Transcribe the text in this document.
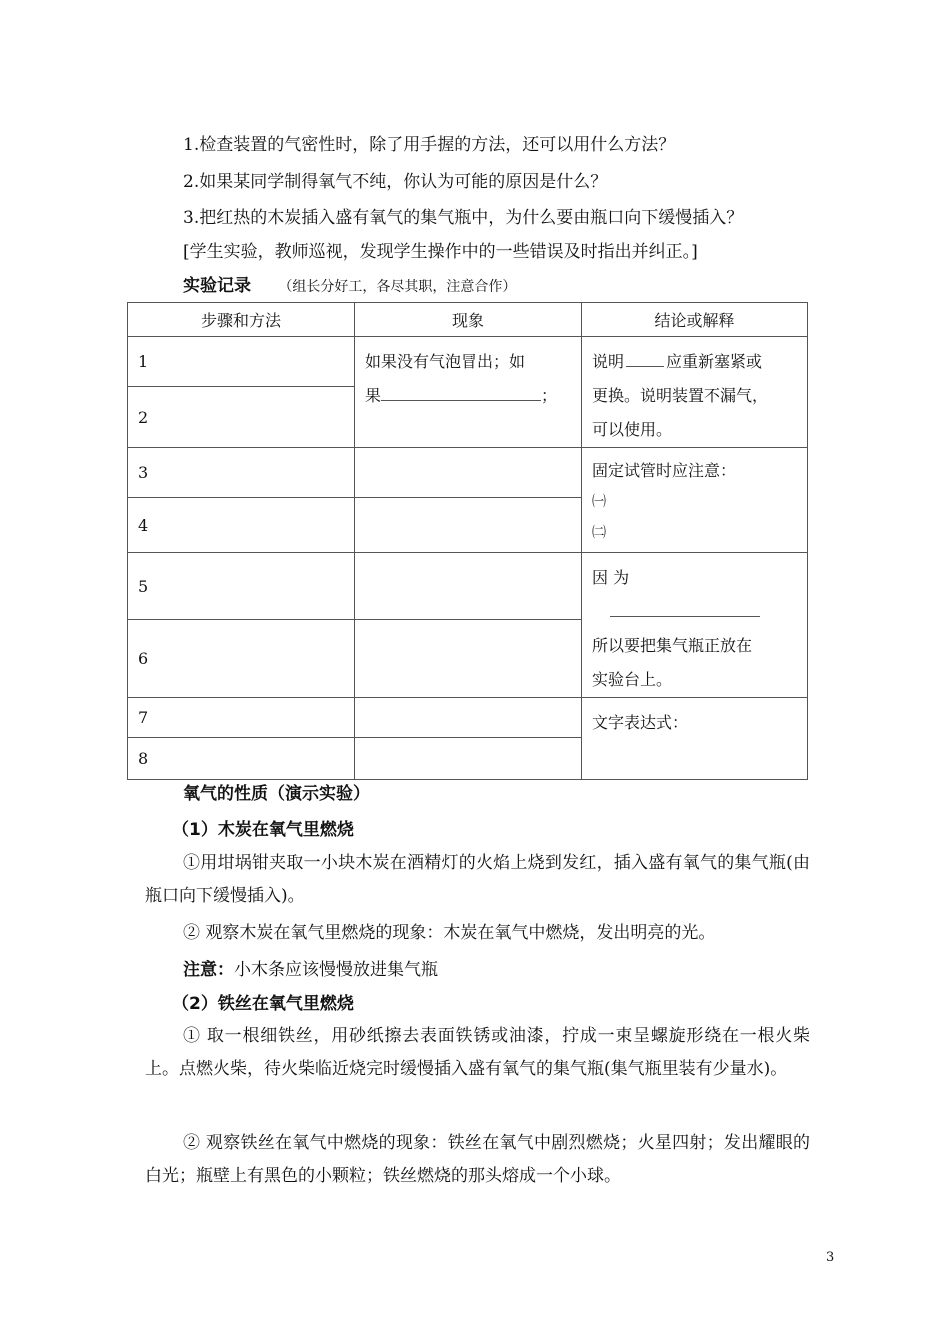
1.检查装置的气密性时，除了用手握的方法，还可以用什么方法？
2.如果某同学制得氧气不纯，你认为可能的原因是什么？
3.把红热的木炭插入盛有氧气的集气瓶中，为什么要由瓶口向下缓慢插入？
[学生实验，教师巡视，发现学生操作中的一些错误及时指出并纠正。]
实验记录 （组长分好工，各尽其职，注意合作）
步骤和方法	现象	结论或解释
1	如果没有气泡冒出；如
果 ；	说明 应重新塞紧或
更换。说明装置不漏气，
可以使用。
2		
3		固定试管时应注意：
㈠
㈡
4		
5		因 为
所以要把集气瓶正放在
实验台上。
6		
7		文字表达式：
8		
氧气的性质（演示实验）
（1）木炭在氧气里燃烧
①用坩埚钳夹取一小块木炭在酒精灯的火焰上烧到发红，插入盛有氧气的集气瓶(由瓶口向下缓慢插入)。
② 观察木炭在氧气里燃烧的现象：木炭在氧气中燃烧，发出明亮的光。
注意：小木条应该慢慢放进集气瓶
（2）铁丝在氧气里燃烧
① 取一根细铁丝，用砂纸擦去表面铁锈或油漆，拧成一束呈螺旋形绕在一根火柴上。点燃火柴，待火柴临近烧完时缓慢插入盛有氧气的集气瓶(集气瓶里装有少量水)。
② 观察铁丝在氧气中燃烧的现象：铁丝在氧气中剧烈燃烧；火星四射；发出耀眼的白光；瓶壁上有黑色的小颗粒；铁丝燃烧的那头熔成一个小球。
3
